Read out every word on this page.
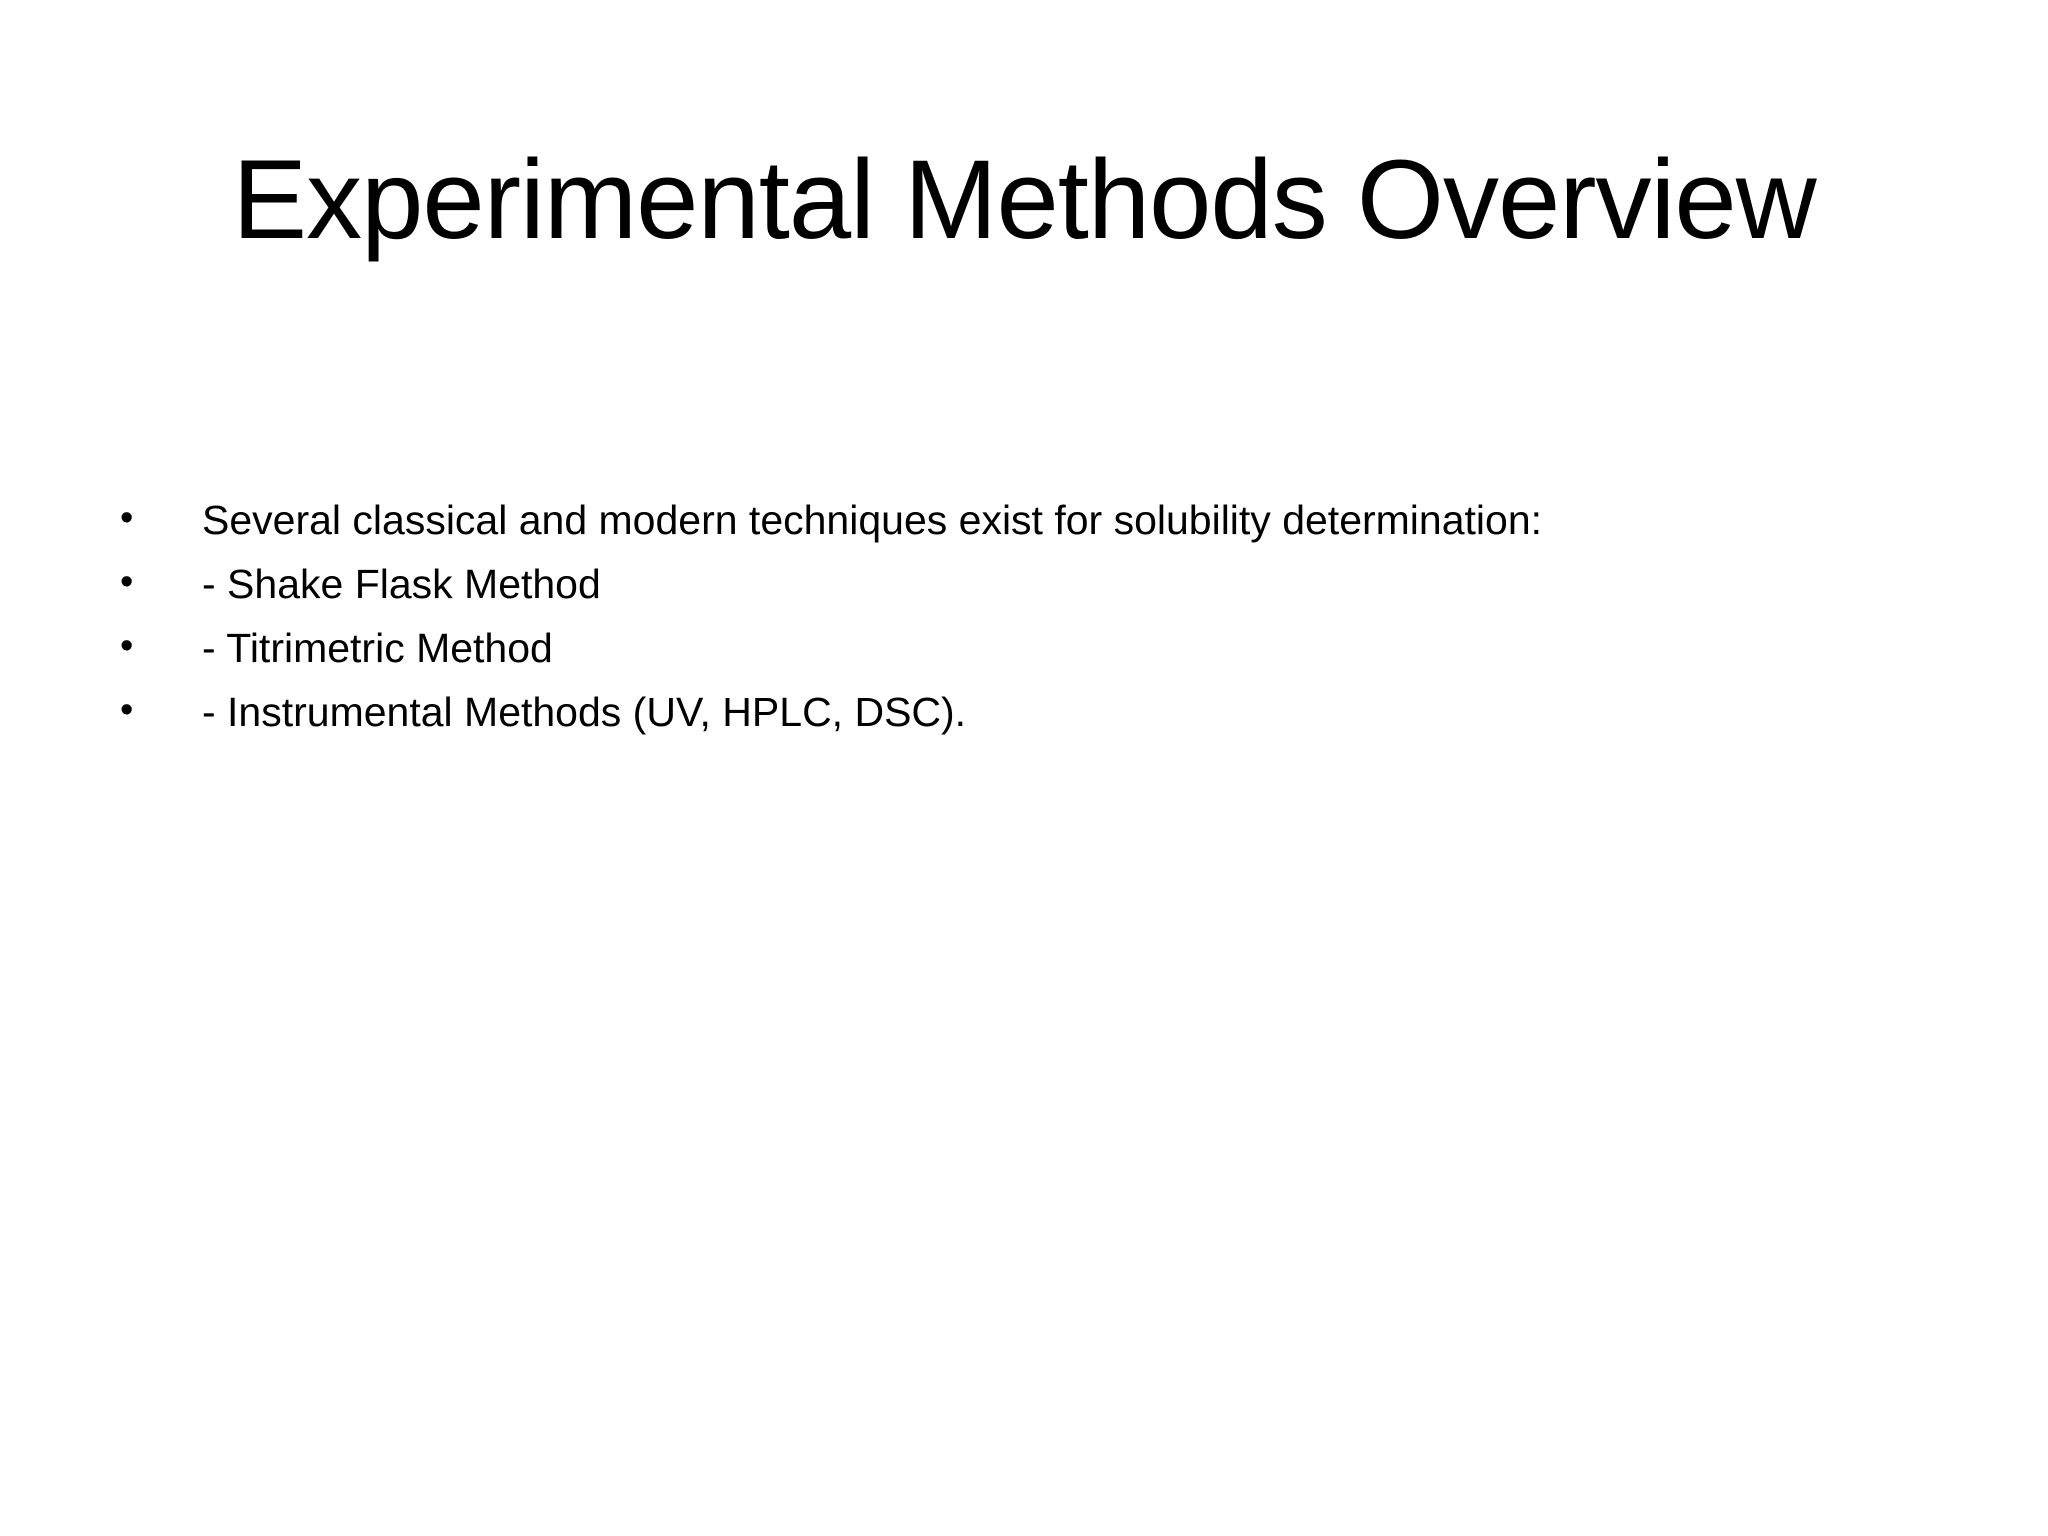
Experimental Methods Overview
• Several classical and modern techniques exist for solubility determination:
• - Shake Flask Method
• - Titrimetric Method
• - Instrumental Methods (UV, HPLC, DSC).
